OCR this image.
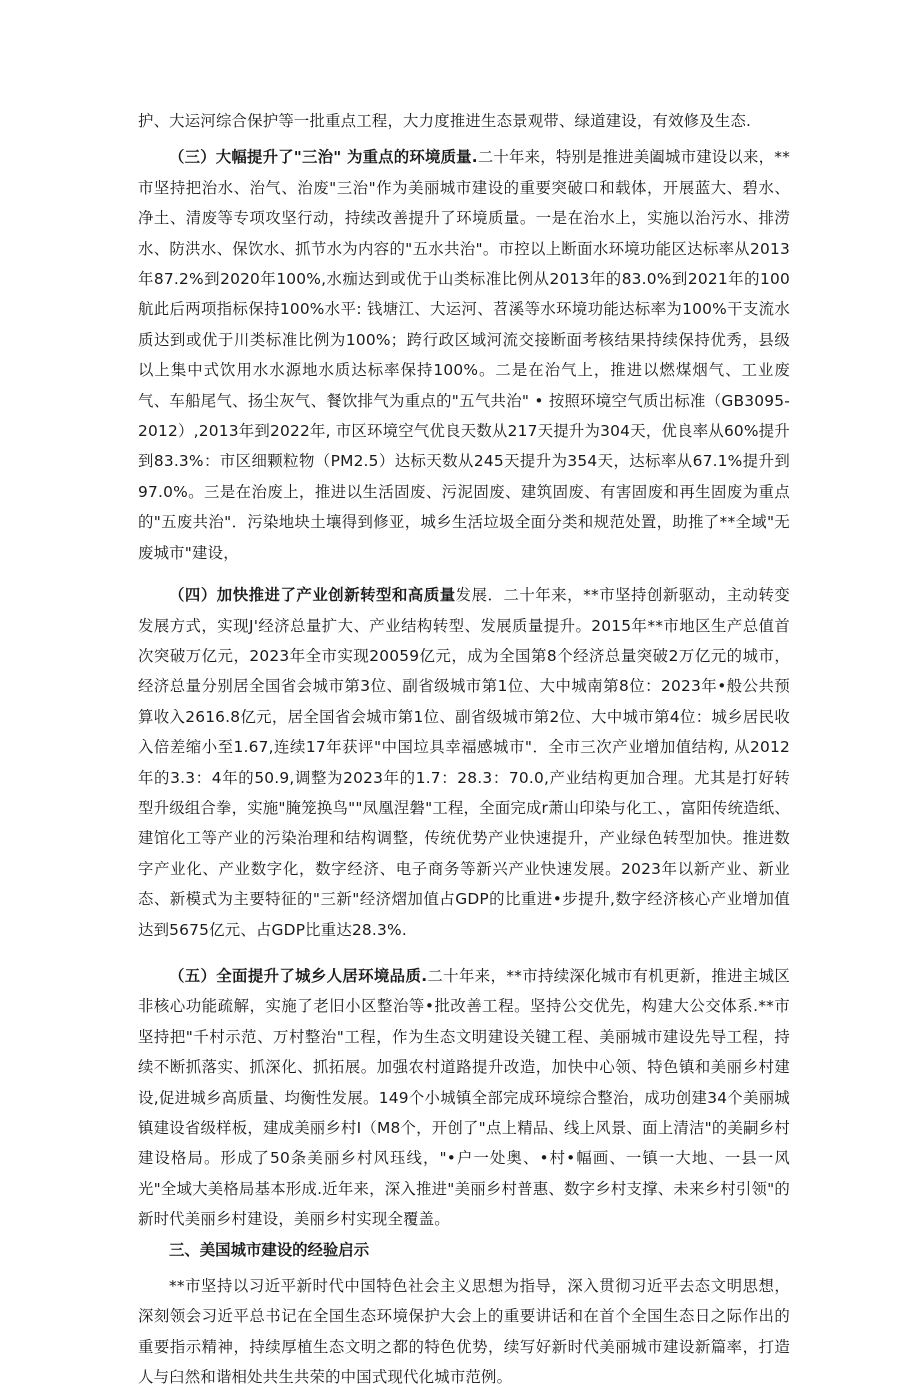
护、大运河综合保护等一批重点工程，大力度推进生态景观带、绿道建设，有效修及生态.

（三）大幅提升了"三治" 为重点的环境质量.二十年来，特别是推进美阖城市建设以来，**市坚持把治水、治气、治废"三治"作为美丽城市建设的重要突破口和载体，开展蓝大、碧水、净土、清废等专项攻坚行动，持续改善提升了环境质量。一是在治水上，实施以治污水、排涝水、防洪水、保饮水、抓节水为内容的"五水共治"。市控以上断面水环境功能区达标率从2013年87.2%到2020年100%,水痂达到或优于山类标准比例从2013年的83.0%到2021年的100航此后两项指标保持100%水平: 钱塘江、大运河、苕溪等水环境功能达标率为100%干支流水质达到或优于川类标准比例为100%；跨行政区域河流交接断面考核结果持续保持优秀，县级以上集中式饮用水水源地水质达标率保持100%。二是在治气上，推进以燃煤烟气、工业废气、车船尾气、扬尘灰气、餐饮排气为重点的"五气共治" • 按照环境空气质岀标准（GB3095-2012）,2013年到2022年, 市区环境空气优良天数从217天提升为304天，优良率从60%提升到83.3%：市区细颗粒物（PM2.5）达标天数从245天提升为354天，达标率从67.1%提升到97.0%。三是在治废上，推进以生活固废、污泥固废、建筑固废、有害固废和再生固废为重点的"五废共治"．污染地块土壤得到修亚，城乡生活垃圾全面分类和规范处置，助推了**全域"无废城市"建设，

（四）加快推进了产业创新转型和高质量发展．二十年来，**市坚持创新驱动，主动转变发展方式，实现J'经济总量扩大、产业结构转型、发展质量提升。2015年**市地区生产总值首次突破万亿元，2023年全市实现20059亿元，成为全国第8个经济总量突破2万亿元的城市，经济总量分别居全国省会城市第3位、副省级城市第1位、大中城南第8位：2023年•般公共预算收入2616.8亿元，居全国省会城市第1位、副省级城市第2位、大中城市第4位：城乡居民收入倍差缩小至1.67,连续17年获评"中国垃具幸福感城市"．全市三次产业增加值结构, 从2012年的3.3：4年的50.9,调整为2023年的1.7：28.3：70.0,产业结构更加合理。尤其是打好转型升级组合拳，实施"腌笼换鸟""凤凰涅磐"工程，全面完成r萧山印染与化工、，富阳传统造纸、建馆化工等产业的污染治理和结构调整，传统优势产业快速提升，产业绿色转型加快。推进数字产业化、产业数字化，数字经济、电子商务等新兴产业快速发展。2023年以新产业、新业态、新模式为主要特征的"三新"经济熠加值占GDP的比重进•步提升,数字经济核心产业增加值达到5675亿元、占GDP比重达28.3%.

（五）全面提升了城乡人居环境品质.二十年来，**市持续深化城市有机更新，推进主城区非核心功能疏解，实施了老旧小区整治等•批改善工程。坚持公交优先，构建大公交体系.**市坚持把"千村示范、万村整治"工程，作为生态文明建设关键工程、美丽城市建设先导工程，持续不断抓落实、抓深化、抓拓展。加强农村道路提升改造，加快中心领、特色镇和美丽乡村建设,促进城乡高质量、均衡性发展。149个小城镇全部完成环境综合整治，成功创建34个美丽城镇建设省级样板，建成美丽乡村I（M8个，开创了"点上精品、线上风景、面上清洁"的美嗣乡村建设格局。形成了50条美丽乡村风珏线，"•户一处奥、•村•幅画、一镇一大地、一县一风光"全域大美格局基本形成.近年来，深入推进"美丽乡村普惠、数字乡村支撑、未来乡村引领"的新时代美丽乡村建设，美丽乡村实现全覆盖。

三、美国城市建设的经验启示

**市坚持以习近平新时代中国特色社会主义思想为指导，深入贯彻习近平去态文明思想，深刻领会习近平总书记在全国生态环境保护大会上的重要讲话和在首个全国生态日之际作出的重要指示精神，持续厚植生态文明之都的特色优势，续写好新时代美丽城市建设新篇率，打造人与臼然和谐相处共生共荣的中国式现代化城市范例。
